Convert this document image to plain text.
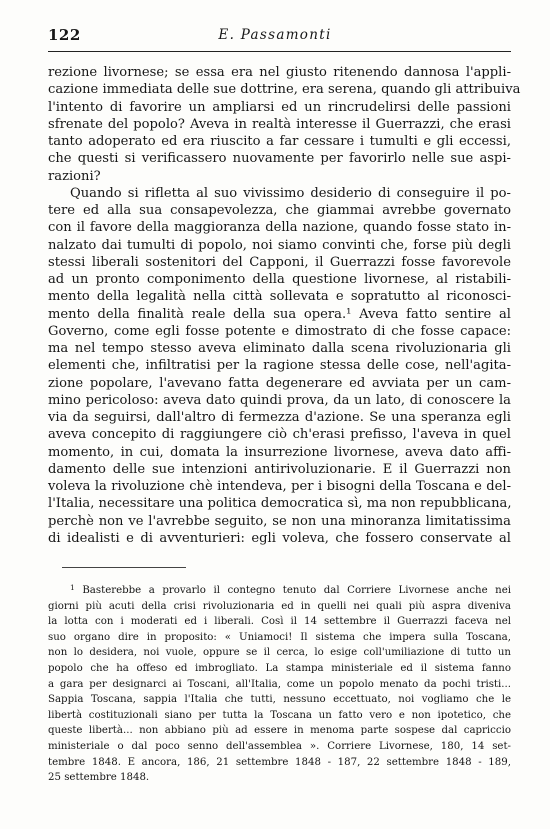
122	E. Passamonti
rezione livornese; se essa era nel giusto ritenendo dannosa l'appli-
cazione immediata delle sue dottrine, era serena, quando gli attribuiva
l'intento di favorire un ampliarsi ed un rincrudelirsi delle passioni
sfrenate del popolo? Aveva in realtà interesse il Guerrazzi, che erasi
tanto adoperato ed era riuscito a far cessare i tumulti e gli eccessi,
che questi si verificassero nuovamente per favorirlo nelle sue aspi-
razioni?
Quando si rifletta al suo vivissimo desiderio di conseguire il po-
tere ed alla sua consapevolezza, che giammai avrebbe governato
con il favore della maggioranza della nazione, quando fosse stato in-
nalzato dai tumulti di popolo, noi siamo convinti che, forse più degli
stessi liberali sostenitori del Capponi, il Guerrazzi fosse favorevole
ad un pronto componimento della questione livornese, al ristabili-
mento della legalità nella città sollevata e sopratutto al riconosci-
mento della finalità reale della sua opera.¹ Aveva fatto sentire al
Governo, come egli fosse potente e dimostrato di che fosse capace:
ma nel tempo stesso aveva eliminato dalla scena rivoluzionaria gli
elementi che, infiltratisi per la ragione stessa delle cose, nell'agita-
zione popolare, l'avevano fatta degenerare ed avviata per un cam-
mino pericoloso: aveva dato quindi prova, da un lato, di conoscere la
via da seguirsi, dall'altro di fermezza d'azione. Se una speranza egli
aveva concepito di raggiungere ciò ch'erasi prefisso, l'aveva in quel
momento, in cui, domata la insurrezione livornese, aveva dato affi-
damento delle sue intenzioni antirivoluzionarie. E il Guerrazzi non
voleva la rivoluzione chè intendeva, per i bisogni della Toscana e del-
l'Italia, necessitare una politica democratica sì, ma non repubblicana,
perchè non ve l'avrebbe seguito, se non una minoranza limitatissima
di idealisti e di avventurieri: egli voleva, che fossero conservate al
$^1$ Basterebbe a provarlo il contegno tenuto dal Corriere Livornese anche nei
giorni più acuti della crisi rivoluzionaria ed in quelli nei quali più aspra diveniva
la lotta con i moderati ed i liberali. Così il 14 settembre il Guerrazzi faceva nel
suo organo dire in proposito: « Uniamoci! Il sistema che impera sulla Toscana,
non lo desidera, noi vuole, oppure se il cerca, lo esige coll'umiliazione di tutto un
popolo che ha offeso ed imbrogliato. La stampa ministeriale ed il sistema fanno
a gara per designarci ai Toscani, all'Italia, come un popolo menato da pochi tristi...
Sappia Toscana, sappia l'Italia che tutti, nessuno eccettuato, noi vogliamo che le
libertà costituzionali siano per tutta la Toscana un fatto vero e non ipotetico, che
queste libertà... non abbiano più ad essere in menoma parte sospese dal capriccio
ministeriale o dal poco senno dell'assemblea ». Corriere Livornese, 180, 14 set-
tembre 1848. E ancora, 186, 21 settembre 1848 - 187, 22 settembre 1848 - 189,
25 settembre 1848.
